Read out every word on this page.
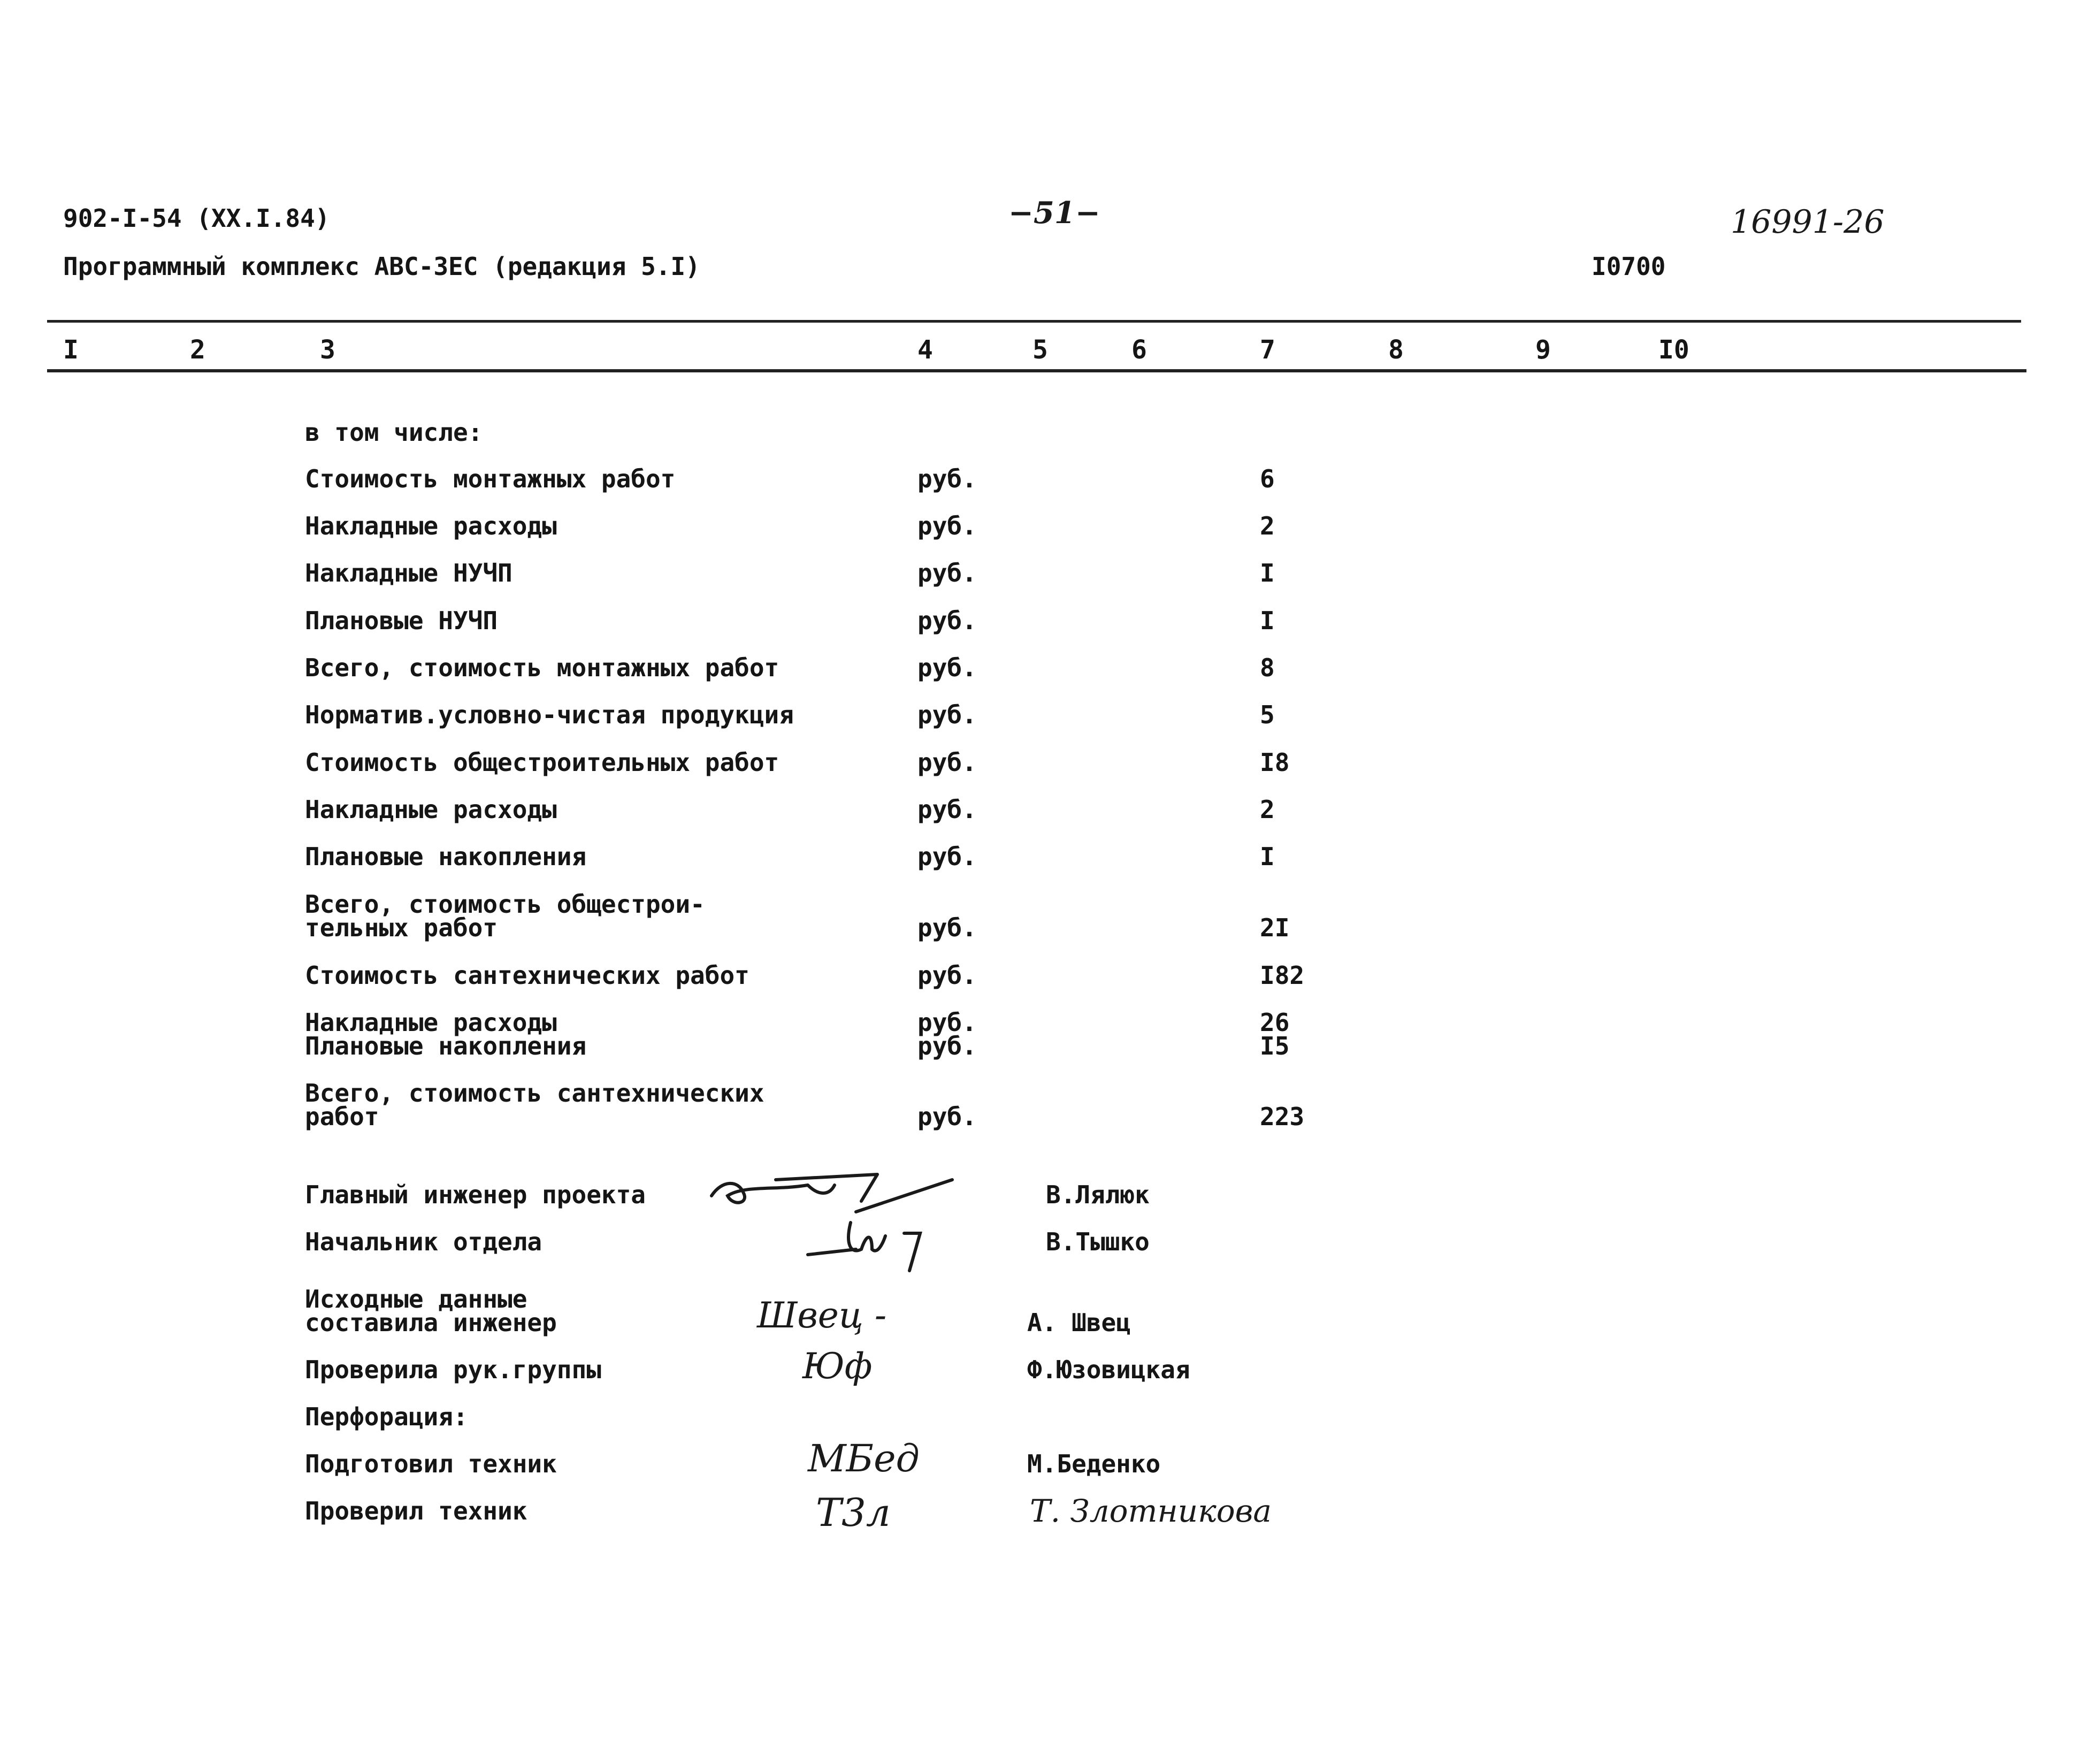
902-I-54 (XX.I.84)	−51−	16991-26
Программный комплекс АВС-ЗЕС (редакция 5.I)	I0700
I	2	3	4	5	6	7	8	9	I0
в том числе:
Стоимость монтажных работ	руб.	6
Накладные расходы	руб.	2
Накладные НУЧП	руб.	I
Плановые НУЧП	руб.	I
Всего, стоимость монтажных работ	руб.	8
Норматив.условно-чистая продукция	руб.	5
Стоимость общестроительных работ	руб.	I8
Накладные расходы	руб.	2
Плановые накопления	руб.	I
Всего, стоимость общестрои-
тельных работ	руб.	2I
Стоимость сантехнических работ	руб.	I82
Накладные расходы	руб.	26
Плановые накопления	руб.	I5
Всего, стоимость сантехнических
работ	руб.	223
Главный инженер проекта	В.Лялюк
Начальник отдела	В.Тышко
Исходные данные
составила инженер	А. Швец
Швец -
Проверила рук.группы	Ф.Юзовицкая
Юф
Перфорация:
Подготовил техник	М.Беденко
МБед
Проверил техник	Т. Злотникова
Т3л
